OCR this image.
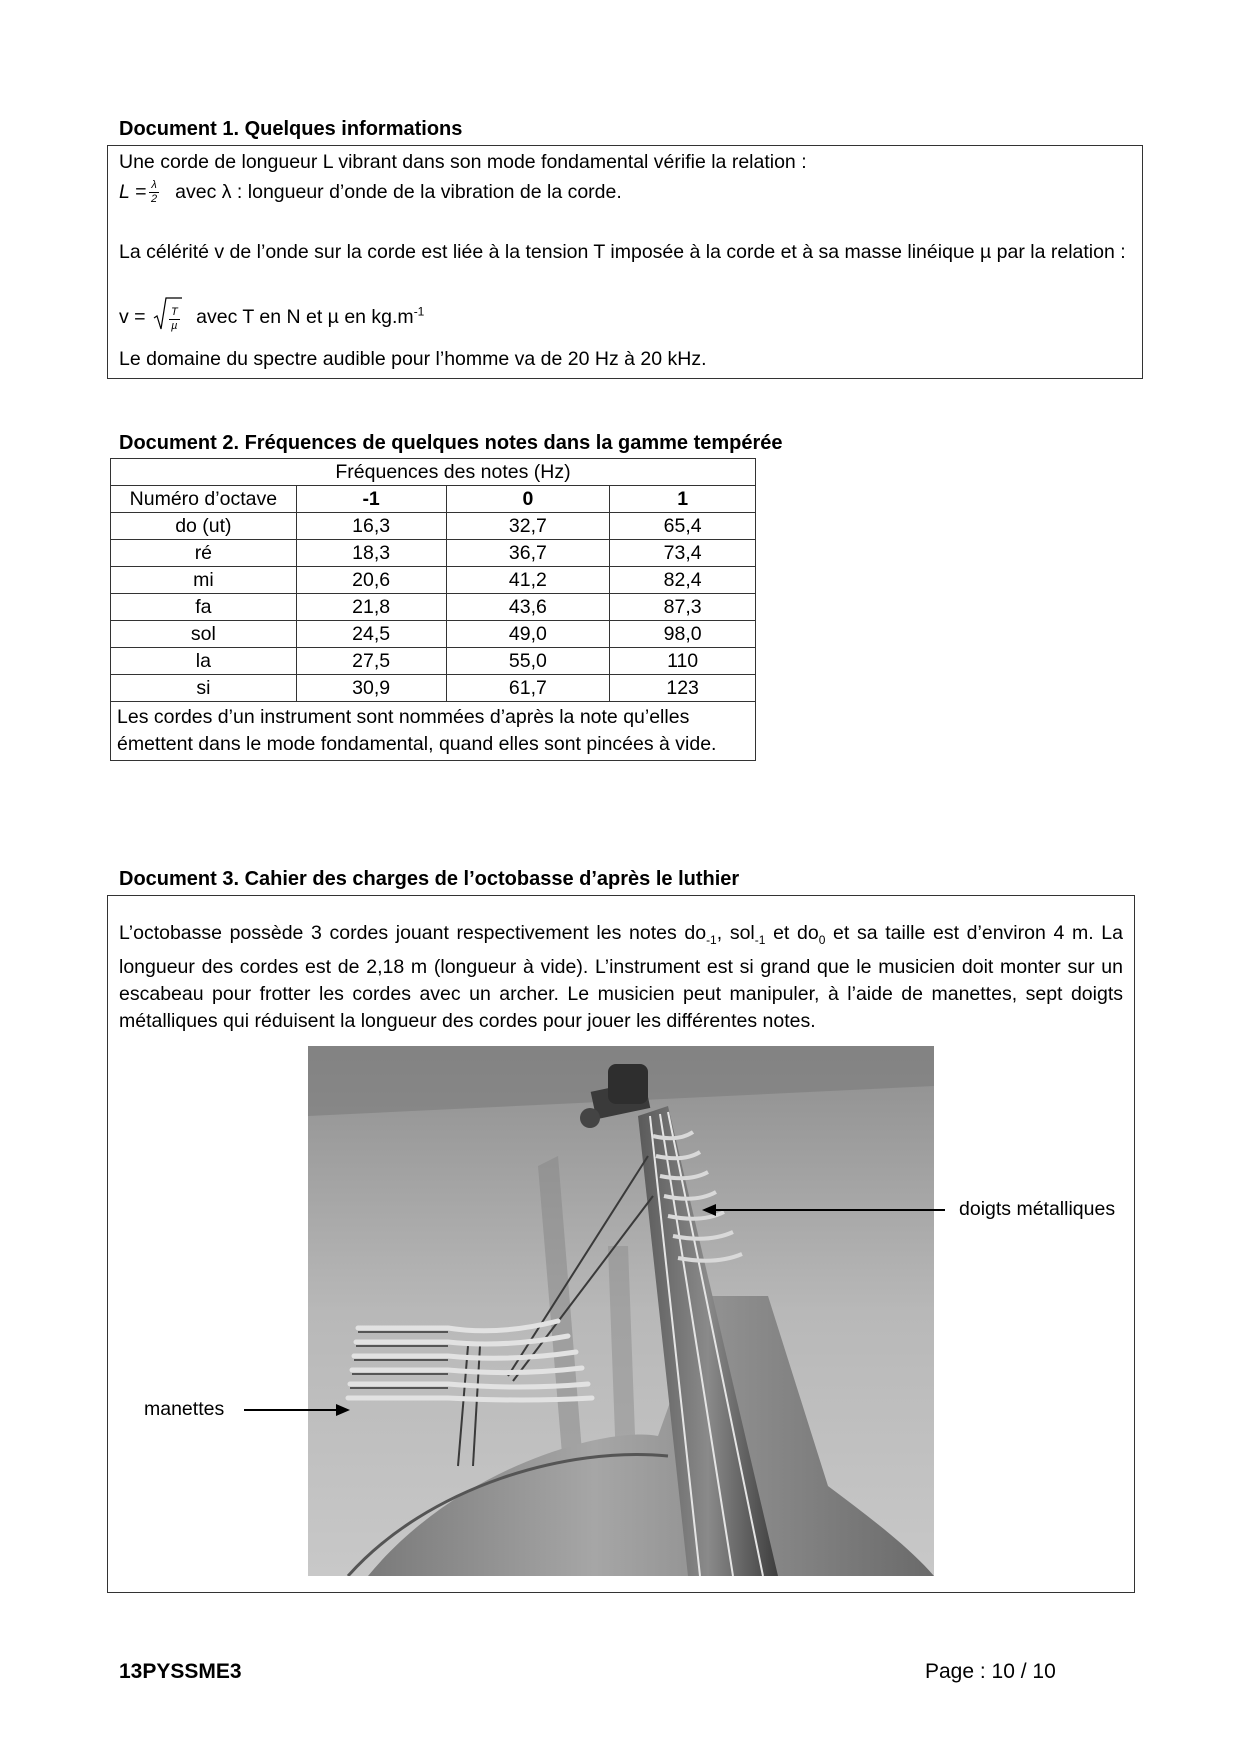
Document 1. Quelques informations
Une corde de longueur L vibrant dans son mode fondamental vérifie la relation :
$L = \frac{\lambda}{2}$ avec λ : longueur d’onde de la vibration de la corde.
La célérité v de l’onde sur la corde est liée à la tension T imposée à la corde et à sa masse linéique µ par la relation :
$v = \frac{T}{\text{µ}}$ avec T en N et µ en $kg.m^{-1}$
Le domaine du spectre audible pour l’homme va de 20 Hz à 20 kHz.
Document 2. Fréquences de quelques notes dans la gamme tempérée
	Fréquences des notes (Hz)		
Numéro d’octave	-1	0	1
do (ut)	16,3	32,7	65,4
ré	18,3	36,7	73,4
mi	20,6	41,2	82,4
fa	21,8	43,6	87,3
sol	24,5	49,0	98,0
la	27,5	55,0	110
si	30,9	61,7	123
Les cordes d’un instrument sont nommées d’après la note qu’elles émettent dans le mode fondamental, quand elles sont pincées à vide.			
Document 3. Cahier des charges de l’octobasse d’après le luthier
L’octobasse possède 3 cordes jouant respectivement les notes $do_{-1}$, sol$_{-1}$ et $do_0$ et sa taille est d’environ 4 m. La longueur des cordes est de 2,18 m (longueur à vide). L’instrument est si grand que le musicien doit monter sur un escabeau pour frotter les cordes avec un archer. Le musicien peut manipuler, à l’aide de manettes, sept doigts métalliques qui réduisent la longueur des cordes pour jouer les différentes notes.
doigts métalliques
manettes
13PYSSME3	Page : 10 / 10
